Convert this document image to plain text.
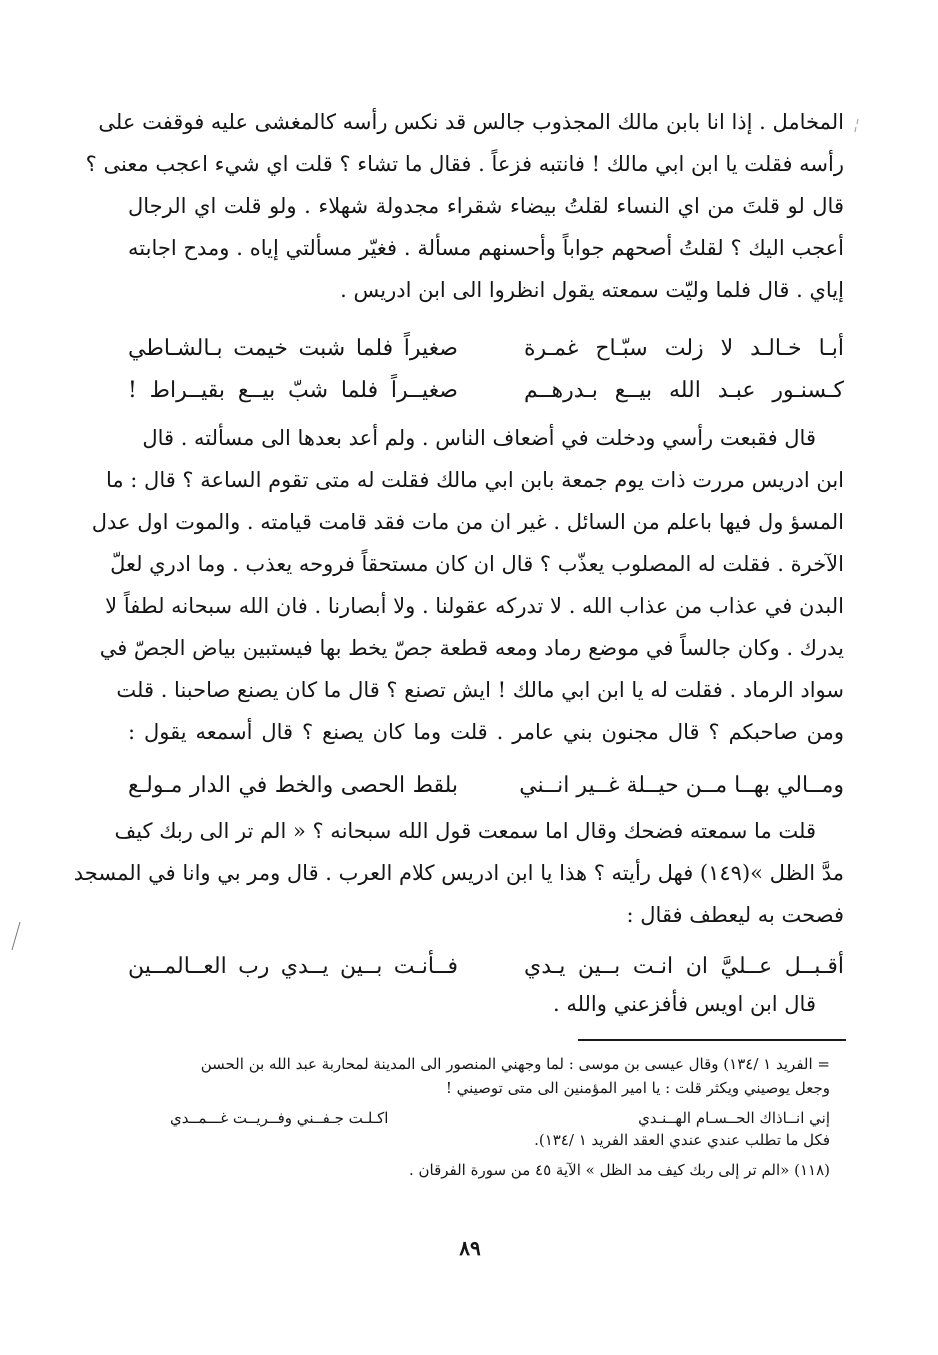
المخامل . إذا انا بابن مالك المجذوب جالس قد نكس رأسه كالمغشى عليه فوقفت على
رأسه فقلت يا ابن ابي مالك ! فانتبه فزعاً . فقال ما تشاء ؟ قلت اي شيء اعجب معنى ؟
قال لو قلتَ من اي النساء لقلتُ بيضاء شقراء مجدولة شهلاء . ولو قلت اي الرجال
أعجب اليك ؟ لقلتُ أصحهم جواباً وأحسنهم مسألة . فغيّر مسألتي إياه . ومدح اجابته
إياي . قال فلما وليّت سمعته يقول انظروا الى ابن ادريس .
أبـا خـالـد لا زلت سبّـاح غمـرة
صغيراً فلما شبت خيمت بـالشـاطي
كـسنـور عبـد الله بيــع بـدرهــم
صغيــراً فلما شبّ بيــع بقيــراط !
قال فقبعت رأسي ودخلت في أضعاف الناس . ولم أعد بعدها الى مسألته . قال
ابن ادريس مررت ذات يوم جمعة بابن ابي مالك فقلت له متى تقوم الساعة ؟ قال : ما
المسؤ ول فيها باعلم من السائل . غير ان من مات فقد قامت قيامته . والموت اول عدل
الآخرة . فقلت له المصلوب يعذّب ؟ قال ان كان مستحقاً فروحه يعذب . وما ادري لعلّ
البدن في عذاب من عذاب الله . لا تدركه عقولنا . ولا أبصارنا . فان الله سبحانه لطفاً لا
يدرك . وكان جالساً في موضع رماد ومعه قطعة جصّ يخط بها فيستبين بياض الجصّ في
سواد الرماد . فقلت له يا ابن ابي مالك ! ايش تصنع ؟ قال ما كان يصنع صاحبنا . قلت
ومن صاحبكم ؟ قال مجنون بني عامر . قلت وما كان يصنع ؟ قال أسمعه يقول :
ومــالي بهــا مــن حيــلة غــير انــني
بلقط الحصى والخط في الدار مـولـع
قلت ما سمعته فضحك وقال اما سمعت قول الله سبحانه ؟ « الم تر الى ربك كيف
مدَّ الظل »(١٤٩) فهل رأيته ؟ هذا يا ابن ادريس كلام العرب . قال ومر بي وانا في المسجد
فصحت به ليعطف فقال :
أقـبــل عــليَّ ان انـت بــين يـدي
فــأنـت بــين يــدي رب العــالمــين
قال ابن اويس فأفزعني والله .
= الفريد ١ /١٣٤) وقال عيسى بن موسى : لما وجهني المنصور الى المدينة لمحاربة عبد الله بن الحسن
وجعل يوصيني ويكثر قلت : يا امير المؤمنين الى متى توصيني !
إني انــاذاك الحــسـام الهــنـدي
اكـلـت جـفــني وفــريــت غـــمــدي
فكل ما تطلب عندي عندي العقد الفريد ١ /١٣٤).
(١١٨) «الم تر إلى ربك كيف مد الظل » الآية ٤٥ من سورة الفرقان .
٨٩
